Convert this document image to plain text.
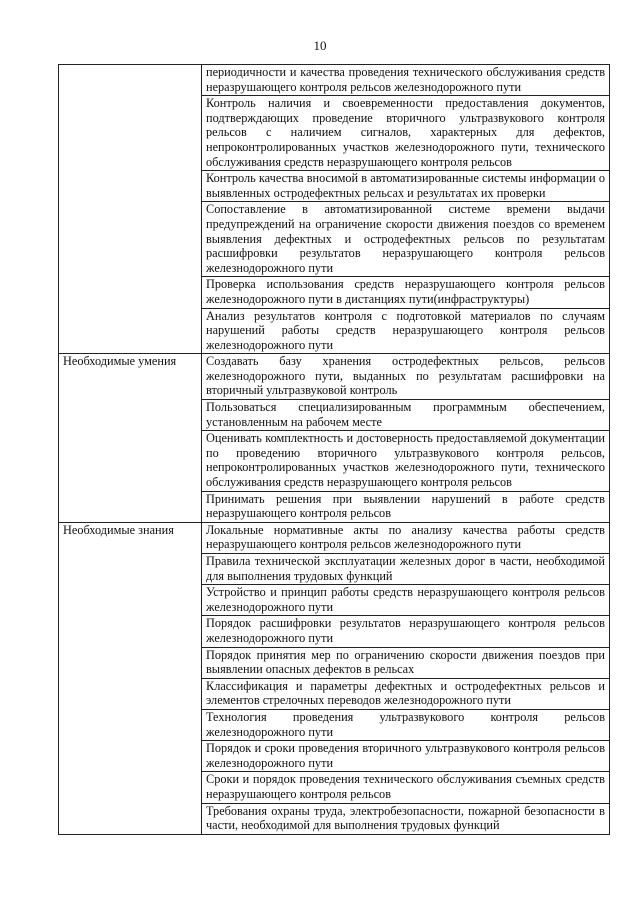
10
	периодичности и качества проведения технического обслуживания средств неразрушающего контроля рельсов железнодорожного пути
	Контроль наличия и своевременности предоставления документов, подтверждающих проведение вторичного ультразвукового контроля рельсов с наличием сигналов, характерных для дефектов, непроконтролированных участков железнодорожного пути, технического обслуживания средств неразрушающего контроля рельсов
	Контроль качества вносимой в автоматизированные системы информации о выявленных остродефектных рельсах и результатах их проверки
	Сопоставление в автоматизированной системе времени выдачи предупреждений на ограничение скорости движения поездов со временем выявления дефектных и остродефектных рельсов по результатам расшифровки результатов неразрушающего контроля рельсов железнодорожного пути
	Проверка использования средств неразрушающего контроля рельсов железнодорожного пути в дистанциях пути(инфраструктуры)
	Анализ результатов контроля с подготовкой материалов по случаям нарушений работы средств неразрушающего контроля рельсов железнодорожного пути
Необходимые умения	Создавать базу хранения остродефектных рельсов, рельсов железнодорожного пути, выданных по результатам расшифровки на вторичный ультразвуковой контроль
	Пользоваться специализированным программным обеспечением, установленным на рабочем месте
	Оценивать комплектность и достоверность предоставляемой документации по проведению вторичного ультразвукового контроля рельсов, непроконтролированных участков железнодорожного пути, технического обслуживания средств неразрушающего контроля рельсов
	Принимать решения при выявлении нарушений в работе средств неразрушающего контроля рельсов
Необходимые знания	Локальные нормативные акты по анализу качества работы средств неразрушающего контроля рельсов железнодорожного пути
	Правила технической эксплуатации железных дорог в части, необходимой для выполнения трудовых функций
	Устройство и принцип работы средств неразрушающего контроля рельсов железнодорожного пути
	Порядок расшифровки результатов неразрушающего контроля рельсов железнодорожного пути
	Порядок принятия мер по ограничению скорости движения поездов при выявлении опасных дефектов в рельсах
	Классификация и параметры дефектных и остродефектных рельсов и элементов стрелочных переводов железнодорожного пути
	Технология проведения ультразвукового контроля рельсов железнодорожного пути
	Порядок и сроки проведения вторичного ультразвукового контроля рельсов железнодорожного пути
	Сроки и порядок проведения технического обслуживания съемных средств неразрушающего контроля рельсов
	Требования охраны труда, электробезопасности, пожарной безопасности в части, необходимой для выполнения трудовых функций
